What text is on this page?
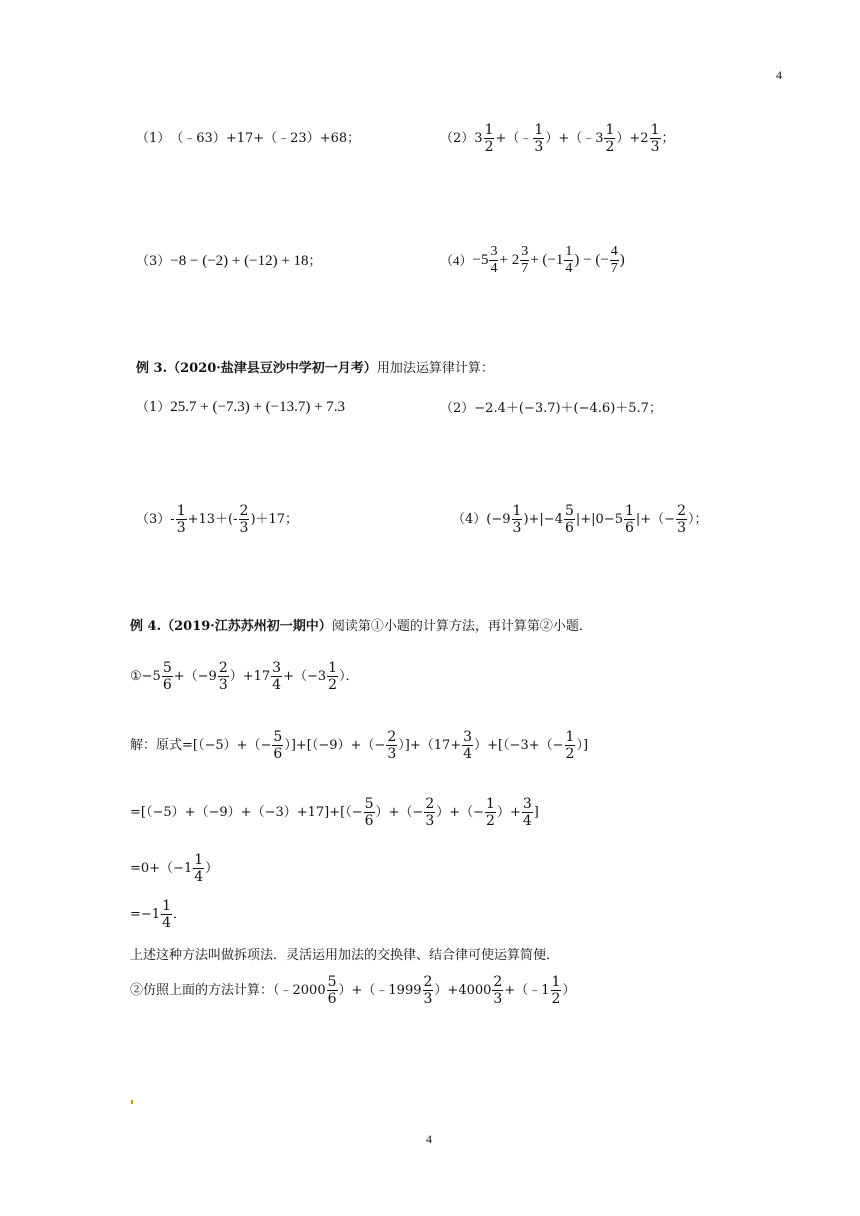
4
（1） （﹣63）+17+（﹣23）+68；	（2） $3 \frac{1}{2}$ +（﹣ $\frac{1}{3}$ ）+（﹣3 $\frac{1}{2} )+2 \frac{1}{3}$ ；
（3） −8 − (−2) + (−12) + 18 ；	$(4) -5 \frac{3}{4} + 2 \frac{3}{7} + (-1 \frac{1}{4}$ ) − (− $\frac{4}{7}$ )
例 3.（2020·盐津县豆沙中学初一月考）用加法运算律计算：
（1） 25.7 + (−7.3) + (−13.7) + 7.3	（2） −2.4＋(−3.7)＋(−4.6)＋5.7；
$(3) - \frac{1}{3} +13+(- \frac{2}{3} )+17$；	（4） $(-9 \frac{1}{3} )+|-4 \frac{5}{6} |+|0-5 \frac{1}{6}$ |+（− $\frac{2}{3}$ ）；
例 4.（2019·江苏苏州初一期中）阅读第①小题的计算方法，再计算第②小题．
①−5 $\frac{5}{6} +(-9 \frac{2}{3} )+17 \frac{3}{4} +(-3 \frac{1}{2}$ ）．
解：原式$=[(-5)+(- \frac{5}{6} )]+[(-9)+(- \frac{2}{3} )]+(17+ \frac{3}{4} )+[(-3+(- \frac{1}{2}$ ）]
$=[(-5)+(-9)+(-3)+17]+[(- \frac{5}{6}$ ）+（− $\frac{2}{3}$ ）+（− $\frac{1}{2}$ ）+ $\frac{3}{4}$ ]
$=0+(-1 \frac{1}{4}$ ）
$=-1 \frac{1}{4}$ ．
上述这种方法叫做拆项法．灵活运用加法的交换律、结合律可使运算简便．
②仿照上面的方法计算：（﹣2000 $\frac{5}{6}$ ）+（﹣1999 $\frac{2}{3} )+4000 \frac{2}{3}$ +（﹣1 $\frac{1}{2}$ ）
4
